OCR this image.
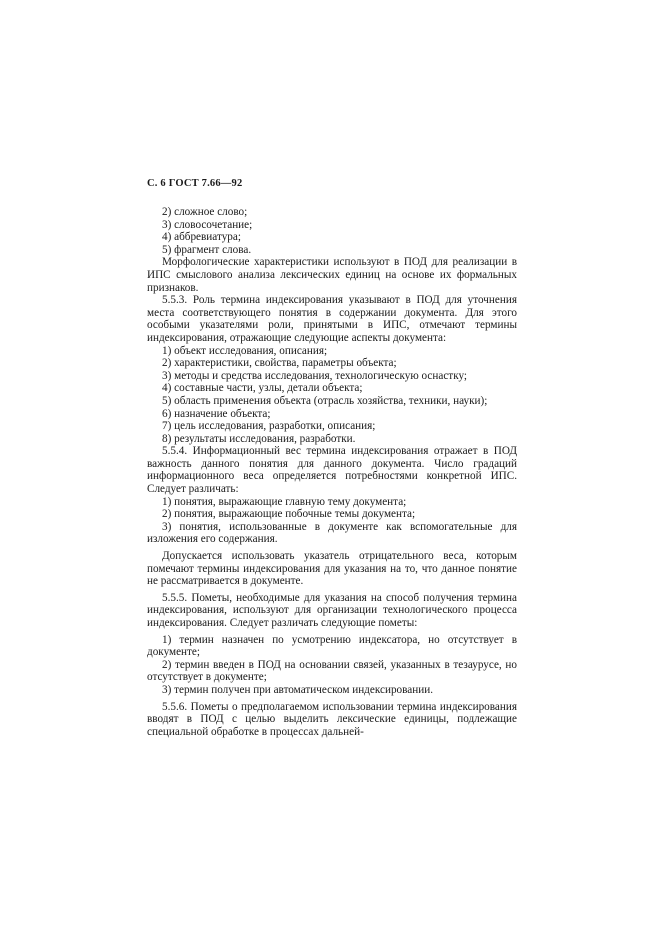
С. 6 ГОСТ 7.66—92

2) сложное слово;

3) словосочетание;

4) аббревиатура;

5) фрагмент слова.

Морфологические характеристики используют в ПОД для реализации в ИПС смыслового анализа лексических единиц на основе их формальных признаков.

5.5.3. Роль термина индексирования указывают в ПОД для уточнения места соответствующего понятия в содержании документа. Для этого особыми указателями роли, принятыми в ИПС, отмечают термины индексирования, отражающие следующие аспекты документа:

1) объект исследования, описания;

2) характеристики, свойства, параметры объекта;

3) методы и средства исследования, технологическую оснастку;

4) составные части, узлы, детали объекта;

5) область применения объекта (отрасль хозяйства, техники, науки);

6) назначение объекта;

7) цель исследования, разработки, описания;

8) результаты исследования, разработки.

5.5.4. Информационный вес термина индексирования отражает в ПОД важность данного понятия для данного документа. Число градаций информационного веса определяется потребностями конкретной ИПС. Следует различать:

1) понятия, выражающие главную тему документа;

2) понятия, выражающие побочные темы документа;

3) понятия, использованные в документе как вспомогательные для изложения его содержания.

Допускается использовать указатель отрицательного веса, которым помечают термины индексирования для указания на то, что данное понятие не рассматривается в документе.

5.5.5. Пометы, необходимые для указания на способ получения термина индексирования, используют для организации технологического процесса индексирования. Следует различать следующие пометы:

1) термин назначен по усмотрению индексатора, но отсутствует в документе;

2) термин введен в ПОД на основании связей, указанных в тезаурусе, но отсутствует в документе;

3) термин получен при автоматическом индексировании.

5.5.6. Пометы о предполагаемом использовании термина индексирования вводят в ПОД с целью выделить лексические единицы, подлежащие специальной обработке в процессах дальней-
